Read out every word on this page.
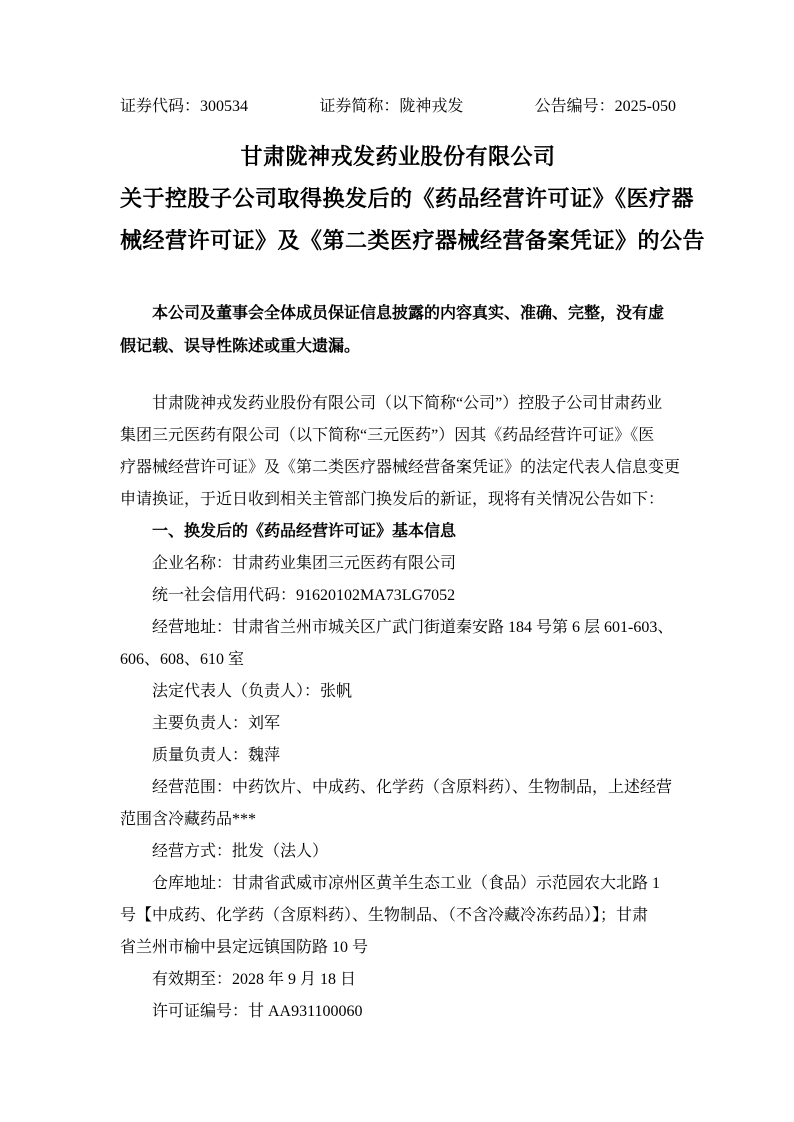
证券代码：300534	证券简称：陇神戎发	公告编号：2025-050
甘肃陇神戎发药业股份有限公司
关于控股子公司取得换发后的《药品经营许可证》《医疗器
械经营许可证》及《第二类医疗器械经营备案凭证》的公告
本公司及董事会全体成员保证信息披露的内容真实、准确、完整，没有虚
假记载、误导性陈述或重大遗漏。
甘肃陇神戎发药业股份有限公司（以下简称“公司”）控股子公司甘肃药业
集团三元医药有限公司（以下简称“三元医药”）因其《药品经营许可证》《医
疗器械经营许可证》及《第二类医疗器械经营备案凭证》的法定代表人信息变更
申请换证，于近日收到相关主管部门换发后的新证，现将有关情况公告如下：
一、换发后的《药品经营许可证》基本信息
企业名称：甘肃药业集团三元医药有限公司
统一社会信用代码：91620102MA73LG7052
经营地址：甘肃省兰州市城关区广武门街道秦安路 184 号第 6 层 601-603、
606、608、610 室
法定代表人（负责人）：张帆
主要负责人：刘军
质量负责人：魏萍
经营范围：中药饮片、中成药、化学药（含原料药）、生物制品，上述经营
范围含冷藏药品***
经营方式：批发（法人）
仓库地址：甘肃省武威市凉州区黄羊生态工业（食品）示范园农大北路 1
号【中成药、化学药（含原料药）、生物制品、（不含冷藏冷冻药品）】；甘肃
省兰州市榆中县定远镇国防路 10 号
有效期至：2028 年 9 月 18 日
许可证编号：甘 AA931100060
